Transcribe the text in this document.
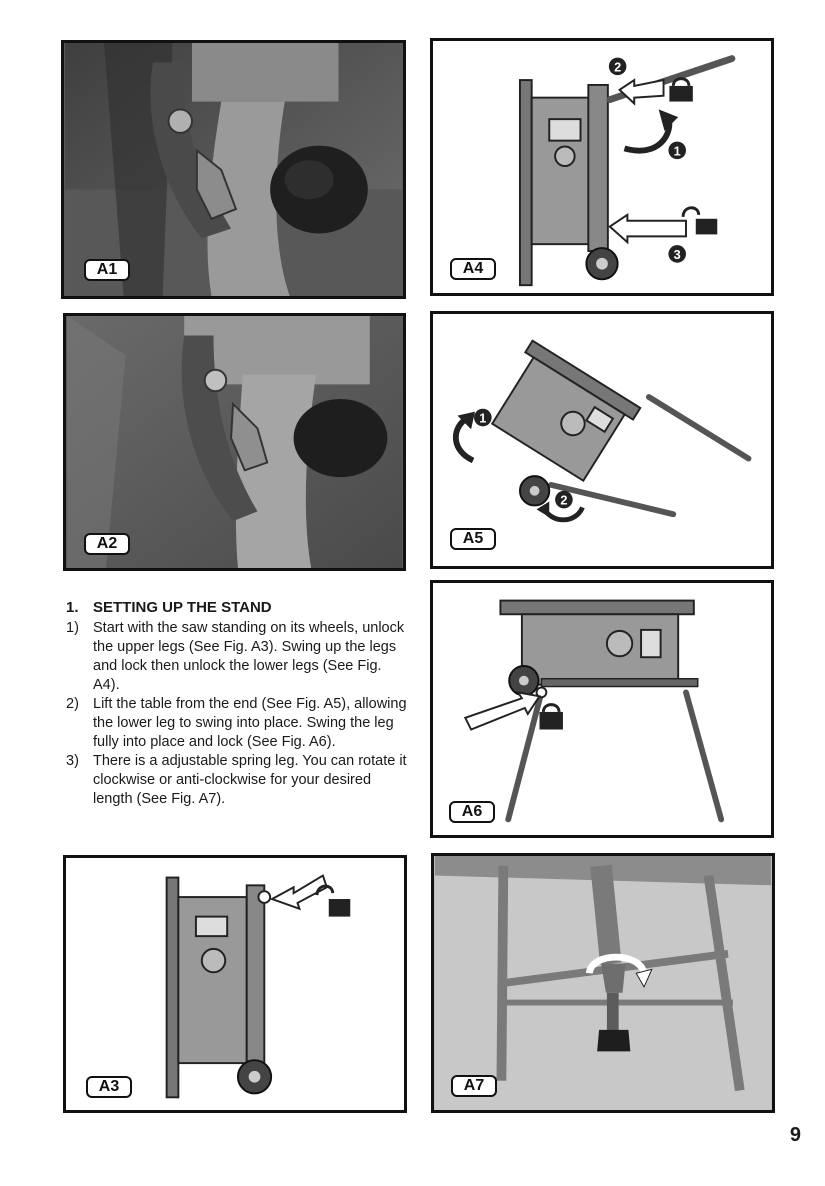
A1
A2
2
1
3
A4
1
2
A5
A6
1. SETTING UP THE STAND
1) Start with the saw standing on its wheels, unlock the upper legs (See Fig. A3). Swing up the legs and lock then unlock the lower legs (See Fig. A4).
2) Lift the table from the end (See Fig. A5), allowing the lower leg to swing into place. Swing the leg fully into place and lock (See Fig. A6).
3) There is a adjustable spring leg. You can rotate it clockwise or anti-clockwise for your desired length (See Fig. A7).
A3	A7
9
